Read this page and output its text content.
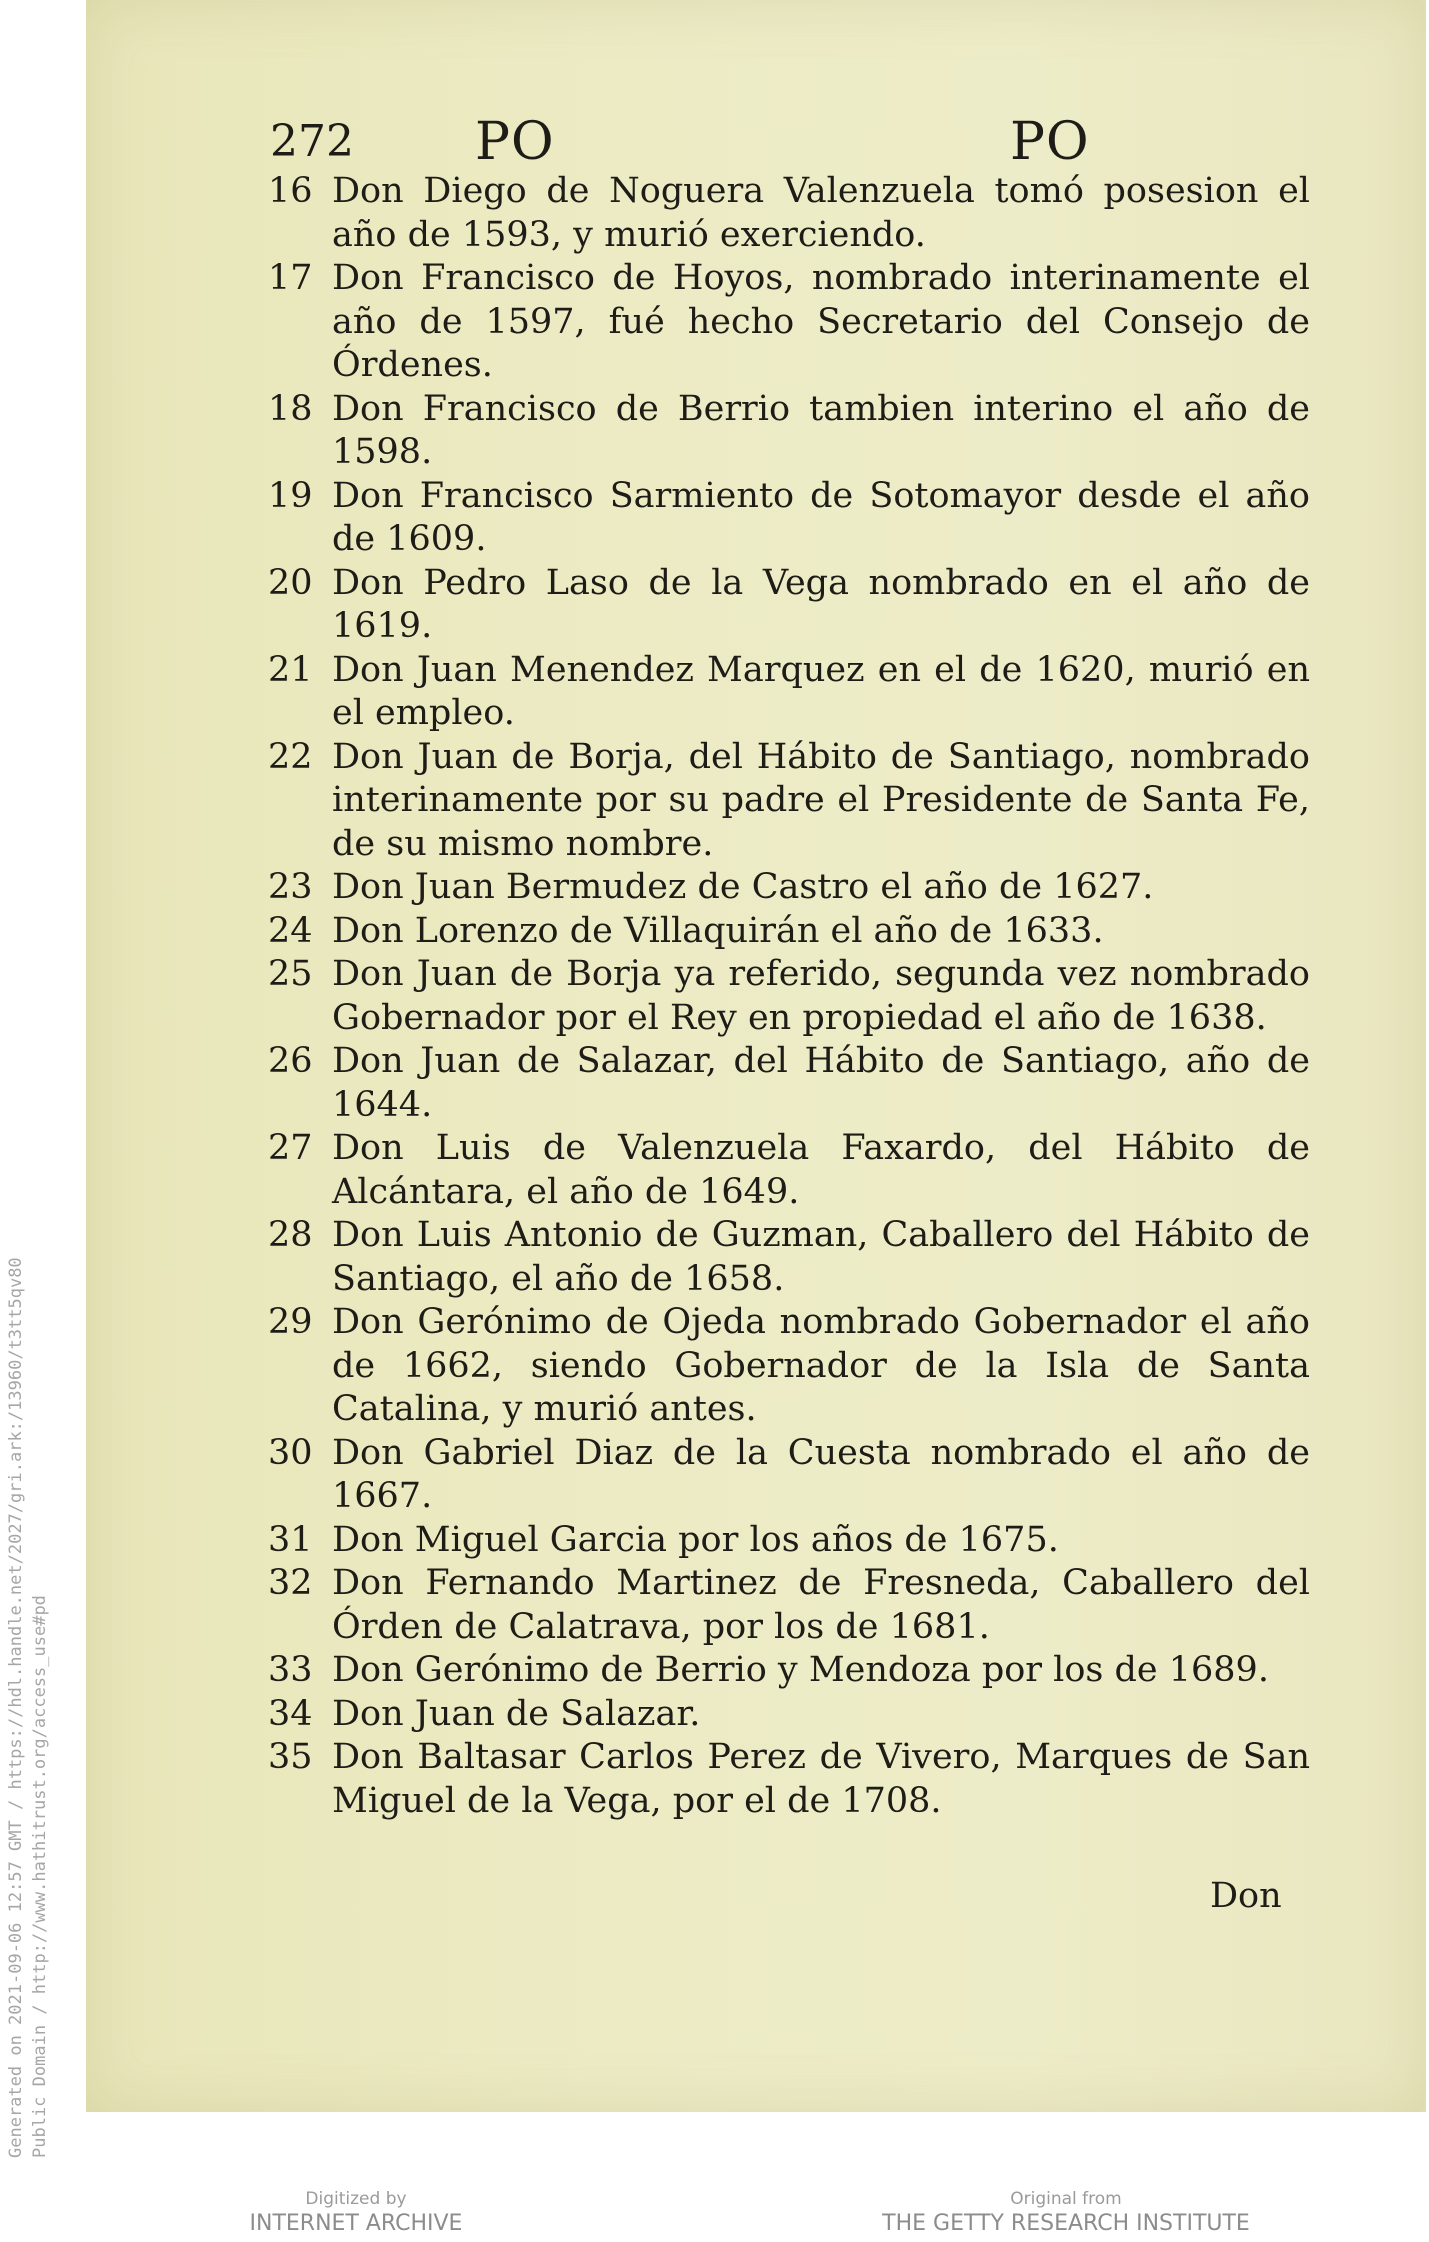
272 PO	PO
16 Don Diego de Noguera Valenzuela tomó posesion el año de 1593, y murió exerciendo.
17 Don Francisco de Hoyos, nombrado interinamente el año de 1597, fué hecho Secretario del Consejo de Órdenes.
18 Don Francisco de Berrio tambien interino el año de 1598.
19 Don Francisco Sarmiento de Sotomayor desde el año de 1609.
20 Don Pedro Laso de la Vega nombrado en el año de 1619.
21 Don Juan Menendez Marquez en el de 1620, murió en el empleo.
22 Don Juan de Borja, del Hábito de Santiago, nombrado interinamente por su padre el Presidente de Santa Fe, de su mismo nombre.
23 Don Juan Bermudez de Castro el año de 1627.
24 Don Lorenzo de Villaquirán el año de 1633.
25 Don Juan de Borja ya referido, segunda vez nombrado Gobernador por el Rey en propiedad el año de 1638.
26 Don Juan de Salazar, del Hábito de Santiago, año de 1644.
27 Don Luis de Valenzuela Faxardo, del Hábito de Alcántara, el año de 1649.
28 Don Luis Antonio de Guzman, Caballero del Hábito de Santiago, el año de 1658.
29 Don Gerónimo de Ojeda nombrado Gobernador el año de 1662, siendo Gobernador de la Isla de Santa Catalina, y murió antes.
30 Don Gabriel Diaz de la Cuesta nombrado el año de 1667.
31 Don Miguel Garcia por los años de 1675.
32 Don Fernando Martinez de Fresneda, Caballero del Órden de Calatrava, por los de 1681.
33 Don Gerónimo de Berrio y Mendoza por los de 1689.
34 Don Juan de Salazar.
35 Don Baltasar Carlos Perez de Vivero, Marques de San Miguel de la Vega, por el de 1708.
Don
Generated on 2021-09-06 12:57 GMT / https://hdl.handle.net/2027/gri.ark:/13960/t3tt5qv80 Public Domain / http://www.hathitrust.org/access_use#pd
Digitized by
INTERNET ARCHIVE
Original from
THE GETTY RESEARCH INSTITUTE
